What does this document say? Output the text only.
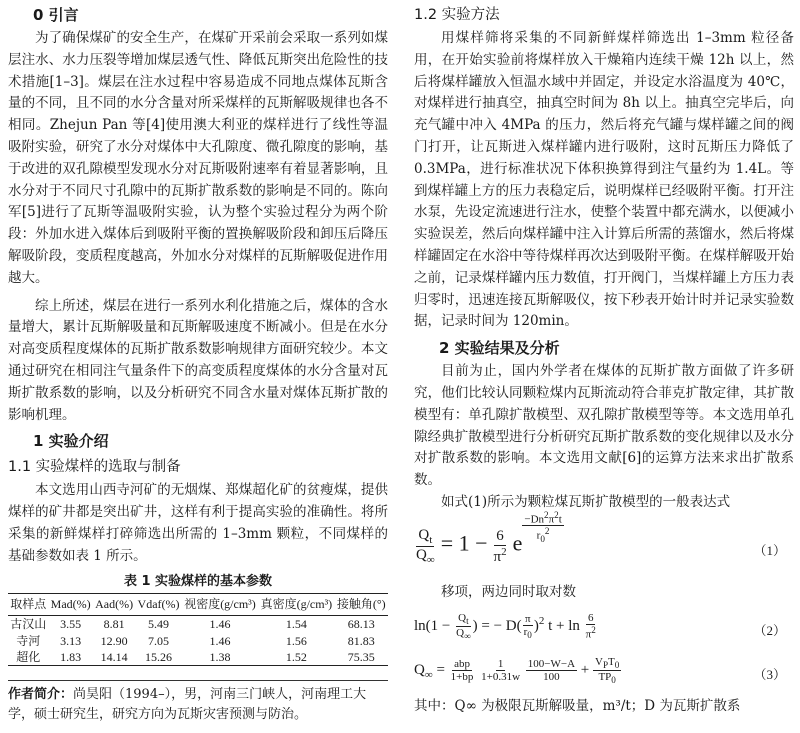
0 引言

为了确保煤矿的安全生产，在煤矿开采前会采取一系列如煤层注水、水力压裂等增加煤层透气性、降低瓦斯突出危险性的技术措施[1–3]。煤层在注水过程中容易造成不同地点煤体瓦斯含量的不同，且不同的水分含量对所采煤样的瓦斯解吸规律也各不相同。Zhejun Pan 等[4]使用澳大利亚的煤样进行了线性等温吸附实验，研究了水分对煤体中大孔隙度、微孔隙度的影响，基于改进的双孔隙模型发现水分对瓦斯吸附速率有着显著影响，且水分对于不同尺寸孔隙中的瓦斯扩散系数的影响是不同的。陈向军[5]进行了瓦斯等温吸附实验，认为整个实验过程分为两个阶段：外加水进入煤体后到吸附平衡的置换解吸阶段和卸压后降压解吸阶段，变质程度越高，外加水分对煤样的瓦斯解吸促进作用越大。

综上所述，煤层在进行一系列水利化措施之后，煤体的含水量增大，累计瓦斯解吸量和瓦斯解吸速度不断减小。但是在水分对高变质程度煤体的瓦斯扩散系数影响规律方面研究较少。本文通过研究在相同注气量条件下的高变质程度煤体的水分含量对瓦斯扩散系数的影响，以及分析研究不同含水量对煤体瓦斯扩散的影响机理。

1 实验介绍
1.1 实验煤样的选取与制备

本文选用山西寺河矿的无烟煤、郑煤超化矿的贫瘦煤，提供煤样的矿井都是突出矿井，这样有利于提高实验的准确性。将所采集的新鲜煤样打碎筛选出所需的 1–3mm 颗粒，不同煤样的基础参数如表 1 所示。

表 1 实验煤样的基本参数
取样点	Mad(%)	Aad(%)	Vdaf(%)	视密度(g/cm³)	真密度(g/cm³)	接触角(°)
古汉山	3.55	8.81	5.49	1.46	1.54	68.13
寺河	3.13	12.90	7.05	1.46	1.56	81.83
超化	1.83	14.14	15.26	1.38	1.52	75.35

作者简介：尚昊阳（1994–），男，河南三门峡人，河南理工大学，硕士研究生，研究方向为瓦斯灾害预测与防治。

1.2 实验方法

用煤样筛将采集的不同新鲜煤样筛选出 1–3mm 粒径备用，在开始实验前将煤样放入干燥箱内连续干燥 12h 以上，然后将煤样罐放入恒温水域中并固定，并设定水浴温度为 40℃，对煤样进行抽真空，抽真空时间为 8h 以上。抽真空完毕后，向充气罐中冲入 4MPa 的压力，然后将充气罐与煤样罐之间的阀门打开，让瓦斯进入煤样罐内进行吸附，这时瓦斯压力降低了 0.3MPa，进行标准状况下体积换算得到注气量约为 1.4L。等到煤样罐上方的压力表稳定后，说明煤样已经吸附平衡。打开注水泵，先设定流速进行注水，使整个装置中都充满水，以便减小实验误差，然后向煤样罐中注入计算后所需的蒸馏水，然后将煤样罐固定在水浴中等待煤样再次达到吸附平衡。在煤样解吸开始之前，记录煤样罐内压力数值，打开阀门，当煤样罐上方压力表归零时，迅速连接瓦斯解吸仪，按下秒表开始计时并记录实验数据，记录时间为 120min。

2 实验结果及分析

目前为止，国内外学者在煤体的瓦斯扩散方面做了许多研究，他们比较认同颗粒煤内瓦斯流动符合菲克扩散定律，其扩散模型有：单孔隙扩散模型、双孔隙扩散模型等等。本文选用单孔隙经典扩散模型进行分析研究瓦斯扩散系数的变化规律以及水分对扩散系数的影响。本文选用文献[6]的运算方法来求出扩散系数。

如式(1)所示为颗粒煤瓦斯扩散模型的一般表达式

$\frac{Q_t}{Q_\infty} = 1 - \frac{6}{\pi^2}$ e $^{\frac{-Dn^2\pi^2t}{r_0^2}}$
（1）

移项，两边同时取对数

$\ln(1 - \frac{Q_t}{Q_\infty}$ ) = − $D( \frac{\pi}{r_0} )^2$ $t + \ln \frac{6}{\pi^2}$	（2）
$Q_\infty = \frac{\text{abp}}{1+bp}$
$\frac{1}{1+0.31w}$
$\frac{100-W-A}{100} + \frac{V_PT_0}{TP_0}$	（3）

其中：Q∞ 为极限瓦斯解吸量，m³/t；D 为瓦斯扩散系
